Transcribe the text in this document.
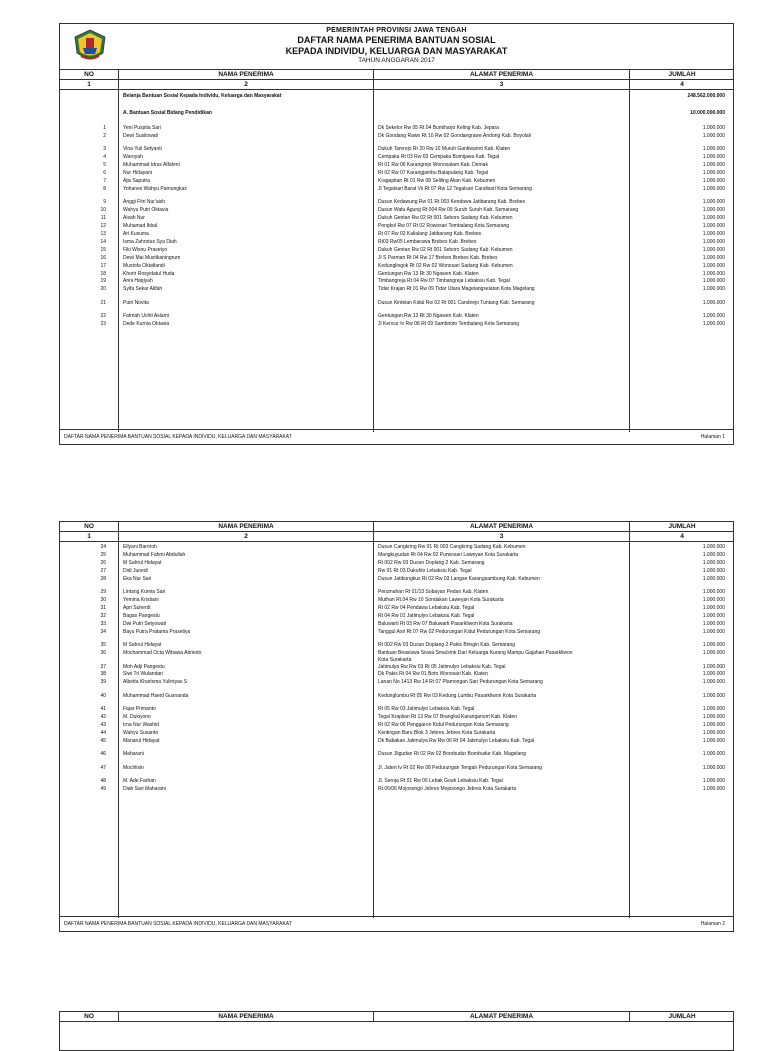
PEMERINTAH PROVINSI JAWA TENGAH
DAFTAR NAMA PENERIMA BANTUAN SOSIAL
KEPADA INDIVIDU, KELUARGA DAN MASYARAKAT
TAHUN ANGGARAN 2017
NO	NAMA PENERIMA	ALAMAT PENERIMA	JUMLAH
1	2	3	4
Belanja Bantuan Sosial Kepada Individu, Keluarga dan Masyarakat	248.562.000.000
A. Bantuan Sosial Bidang Pendidikan	10.000.000.000
1	Yeni Puspita Sari	Dk Sekelor Rw 05 Rt 04 Bumiharjo Keling Kab. Jepara	1.000.000
2	Dewi Susilowati	Dk Gondang Rawn Rt 10 Rw 02 Gondangrawe Andong Kab. Boyolali	1.000.000
3	Vina Yuli Setyanti	Dukuh Tamrejo Rt 20 Rw 10 Muruh Gantiwarno Kab. Klaten	1.000.000
4	Waroyah	Cempaka Rt 03 Rw 03 Cempaka Bumijawa Kab. Tegal	1.000.000
5	Muhammad Idrus Alfahmi	Rt 01 Rw 06 Karangrejo Wonosalam Kab. Demak	1.000.000
6	Nur Hidayani	Rt 02 Rw 07 Karangjambu Balapulang Kab. Tegal	1.000.000
7	Ajis Saputra	Kragapitan Rt 01 Rw 08 Seliling Alian Kab. Kebumen	1.000.000
8	Yohanes Wahyu Pamungkas	Jl Tegalsari Barat Vii Rt 07 Rw 12 Tegalsari Candisari Kota Semarang	1.000.000
9	Anggi Fitri Nur'aish	Dusun Kedawung Rw 01 Rt 003 Kendawa Jatibarang Kab. Brebes	1.000.000
10	Wahyu Putri Oktavia	Dusun Watu Agung Rt 004 Rw 09 Suruh Suruh Kab. Semarang	1.000.000
11	Aisah Nur	Dukuh Gentan Rw 02 Rt 001 Seboro Sadang Kab. Kebumen	1.000.000
12	Muhamad Ikbal	Pengkol Rw 07 Rt 02 Rowosari Tembalang Kota Semarang	1.000.000
13	Ari Kusuma	Rt 07 Rw 02 Kalialang Jatibarang Kab. Brebes	1.000.000
14	Isma Zahrotus Sya Diah	Rt03 Rw05 Lembarawa Brebes Kab. Brebes	1.000.000
15	Fiki Wisnu Prasetyo	Dukuh Gentan Rw 02 Rt 001 Seboro Sadang Kab. Kebumen	1.000.000
16	Dewi Mai Mustikaningrum	Jl S Parman Rt 04 Rw 17 Brebes Brebes Kab. Brebes	1.000.000
17	Mustofa Oktafiandi	Kedunglingok Rt 02 Rw 02 Wonosari Sadang Kab. Kebumen	1.000.000
18	Khorir Rosyidatul Huda	Gentungan Rw 13 Rt 30 Ngawen Kab. Klaten	1.000.000
19	Anni Haqiyah	Timbangreja Rt 04 Rw 07 Timbangreja Lebaksiu Kab. Tegal	1.000.000
20	Syifa Sekar Alifah	Tidar Krajan Rt 01 Rw 09 Tidar Utara Magelangselatan Kota Magelang	1.000.000
21	Putri Novita	Dusun Kintelan Kidul Rw 02 Rt 001 Candirejo Tuntang Kab. Semarang	1.000.000
22	Fatmah Uchti Aslami	Gentungan Rw 13 Rt 30 Ngawen Kab. Klaten	1.000.000
23	Dede Kurnia Oktavia	Jl Kencur Iv Rw 08 Rt 09 Sambiroto Tembalang Kota Semarang	1.000.000
DAFTAR NAMA PENERIMA BANTUAN SOSIAL KEPADA INDIVIDU, KELUARGA DAN MASYARAKAT	Halaman 1
NO	NAMA PENERIMA	ALAMAT PENERIMA	JUMLAH
1	2	3	4
24	Ellyani Baroroh	Dusun Cangkring Rw 01 Rt 003 Cangkring Sadang Kab. Kebumen	1.000.000
25	Muhammad Fahmi Abdullah	Mangkuyudan Rt 04 Rw 02 Purwosari Laweyan Kota Surakarta	1.000.000
26	M Sahrul Hidayat	Rt 002 Rw 03 Dusun Doplang 2 Kab. Semarang	1.000.000
27	Didi Junedi	Rw 01 Rt 03 Dukuhlo Lebaksiu Kab. Tegal	1.000.000
28	Eka Nur Sari	Dusun Jatibungkus Rt 02 Rw 03 Langse Karangsambung Kab. Kebumen	1.000.000
29	Lintang Kumia Sari	Perumahan Rt 01/13 Sobayan Pedan Kab. Klaten	1.000.000
30	Yemina Kristiani	Muthan Rt.04 Rw 10 Sondakan Laweyan Kota Surakarta	1.000.000
31	Apri Suherdi	Rt 02 Rw 04 Pendawa Lebaksiu Kab. Tegal	1.000.000
32	Bagas Pangestu	Rt 04 Rw 01 Jatimulyo Lebaksiu Kab. Tegal	1.000.000
33	Dwi Putri Setyowati	Baluwarti Rt 03 Rw 07 Baluwarti Pasarkliwon Kota Surakarta	1.000.000
34	Bayu Putra Pratama Prasetiya	Tanggul Asri Rt 07 Rw 02 Pedurungan Kidul Pedurungan Kota Semarang	1.000.000
35	M Sahrul Hidayat	Rt 002 Rw 03 Dusun Doplang 2 Pakis Bringin Kab. Semarang	1.000.000
36	Mochammad Octa Wibawa Abriedo	Bantuan Beasiswa Siswa Sma/smk Dari Keluarga Kurang Mampu Gajahan Pasarkliwon Kota Surakarta
1.000.000
37	Moh Adji Pangestu	Jatimulya Rw Rw 03 Rt 05 Jatimulyo Lebaksiu Kab. Tegal	1.000.000
38	Siwi Tri Wulandari	Dk Pakis Rt 04 Rw 01 Boto Wonosari Kab. Klaten	1.000.000
39	Albetta Kharisma Yulintyas S	Lanan No 1413 Rw 14 Rt 07 Plamongan Sari Pedurungan Kota Semarang	1.000.000
40	Muhammad Haeid Gusnanda	Kedunglumbu Rt 05 Rw 03 Kedung Lumbu Pasarkliwon Kota Surakarta	1.000.000
41	Fajar Primanto	Rt 05 Rw 03 Jatimulyo Lebaksiu Kab. Tegal	1.000.000
42	M. Dukiyono	Tegal Kraplian Rt 13 Rw 07 Brangkal Karanganom Kab. Klaten	1.000.000
43	Irna Nur Washid	Rt 02 Rw 06 Penggaron Kidul Pedurungan Kota Semarang	1.000.000
44	Wahyu Susanto	Kentingan Baru Blok 3 Jebres Jebres Kota Surakarta	1.000.000
45	Manarul Hidayat	Dk Babakan Jatimulya Rw Rw 06 Rt 04 Jatimulyo Lebaksiu Kab. Tegal	1.000.000
46	Maharani	Dusun Jligudan Rt 02 Rw 02 Borobudur Borobudur Kab. Magelang	1.000.000
47	Mochlisin	Jl. Jateri Iv Rt 02 Rw 08 Pedurungan Tengah Pedurungan Kota Semarang	1.000.000
48	M. Ade Farhan	Jl. Seroja Rt 01 Rw 06 Lebak Goah Lebaksiu Kab. Tegal	1.000.000
49	Diah Sari Maharani	Rt.06/06 Mojosongo Jebres Mojosongo Jebres Kota Surakarta	1.000.000
DAFTAR NAMA PENERIMA BANTUAN SOSIAL KEPADA INDIVIDU, KELUARGA DAN MASYARAKAT	Halaman 2
NO	NAMA PENERIMA	ALAMAT PENERIMA	JUMLAH
